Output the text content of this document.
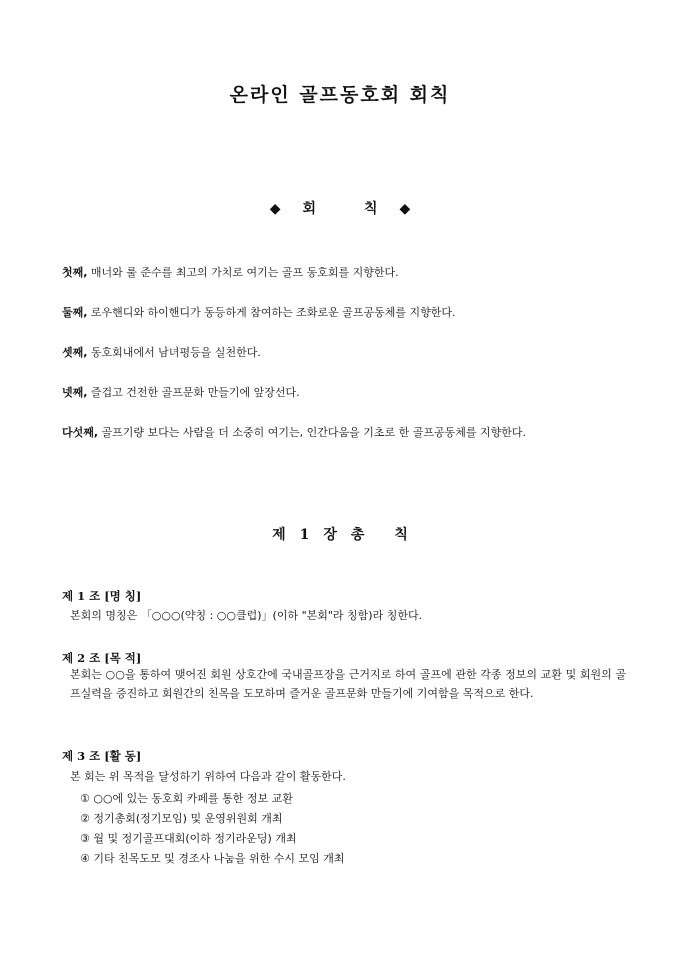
온라인 골프동호회 회칙
◆ 회	칙 ◆
첫째, 매너와 룰 준수를 최고의 가치로 여기는 골프 동호회를 지향한다.
둘째, 로우핸디와 하이핸디가 동등하게 참여하는 조화로운 골프공동체를 지향한다.
셋째, 동호회내에서 남녀평등을 실천한다.
넷째, 즐겁고 건전한 골프문화 만들기에 앞장선다.
다섯째, 골프기량 보다는 사람을 더 소중히 여기는, 인간다움을 기초로 한 골프공동체를 지향한다.
제 1 장 총 칙
제 1 조 [명 칭]
본회의 명칭은 「○○○(약칭 : ○○클럽)」(이하 "본회"라 칭함)라 칭한다.
제 2 조 [목 적]
본회는 ○○을 통하여 맺어진 회원 상호간에 국내골프장을 근거지로 하여 골프에 관한 각종 정보의 교환 및 회원의 골프실력을 증진하고 회원간의 친목을 도모하며 즐거운 골프문화 만들기에 기여함을 목적으로 한다.
제 3 조 [활 동]
본 회는 위 목적을 달성하기 위하여 다음과 같이 활동한다.
① ○○에 있는 동호회 카페를 통한 정보 교환
② 정기총회(정기모임) 및 운영위원회 개최
③ 월 및 정기골프대회(이하 정기라운딩) 개최
④ 기타 친목도모 및 경조사 나눔을 위한 수시 모임 개최
